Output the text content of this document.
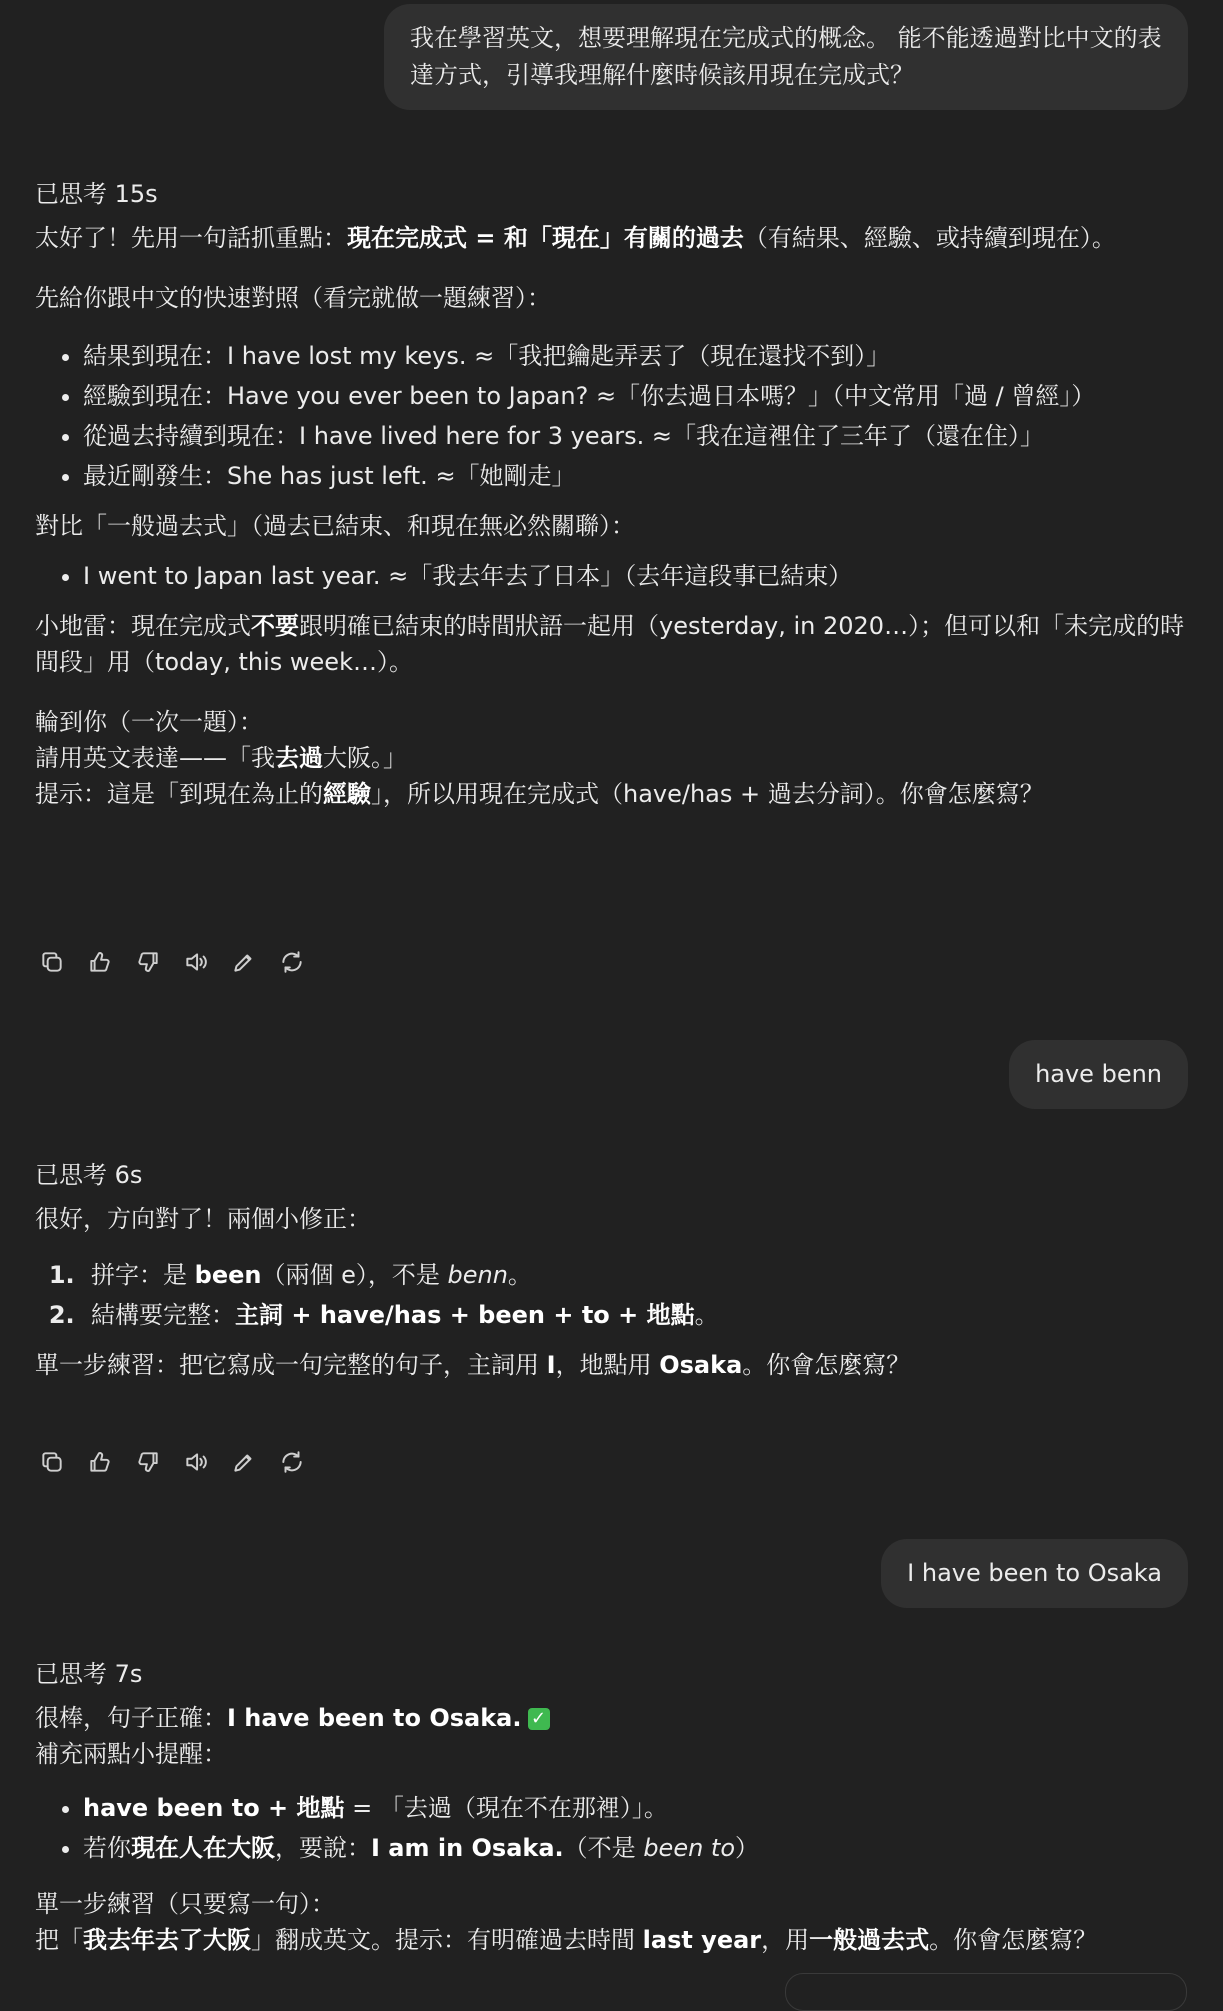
我在學習英文，想要理解現在完成式的概念。 能不能透過對比中文的表達方式，引導我理解什麼時候該用現在完成式？
已思考 15s

太好了！先用一句話抓重點：現在完成式 = 和「現在」有關的過去（有結果、經驗、或持續到現在）。

先給你跟中文的快速對照（看完就做一題練習）：

• 結果到現在：I have lost my keys. ≈「我把鑰匙弄丟了（現在還找不到）」
• 經驗到現在：Have you ever been to Japan? ≈「你去過日本嗎？」（中文常用「過 / 曾經」）
• 從過去持續到現在：I have lived here for 3 years. ≈「我在這裡住了三年了（還在住）」
• 最近剛發生：She has just left. ≈「她剛走」

對比「一般過去式」（過去已結束、和現在無必然關聯）：

• I went to Japan last year. ≈「我去年去了日本」（去年這段事已結束）

小地雷：現在完成式不要跟明確已結束的時間狀語一起用（yesterday, in 2020…）；但可以和「未完成的時間段」用（today, this week…）。

輪到你（一次一題）：

請用英文表達——「我去過大阪。」

提示：這是「到現在為止的經驗」，所以用現在完成式（have/has + 過去分詞）。你會怎麼寫？

have benn
已思考 6s

很好，方向對了！兩個小修正：

1. 拼字：是 been（兩個 e），不是 benn。
2. 結構要完整：主詞 + have/has + been + to + 地點。

單一步練習：把它寫成一句完整的句子，主詞用 I，地點用 Osaka。你會怎麼寫？

I have been to Osaka
已思考 7s

很棒，句子正確：I have been to Osaka. ✓

補充兩點小提醒：

• have been to + 地點 = 「去過（現在不在那裡）」。
• 若你現在人在大阪，要說：I am in Osaka.（不是 been to）

單一步練習（只要寫一句）：

把「我去年去了大阪」翻成英文。提示：有明確過去時間 last year，用一般過去式。你會怎麼寫？
